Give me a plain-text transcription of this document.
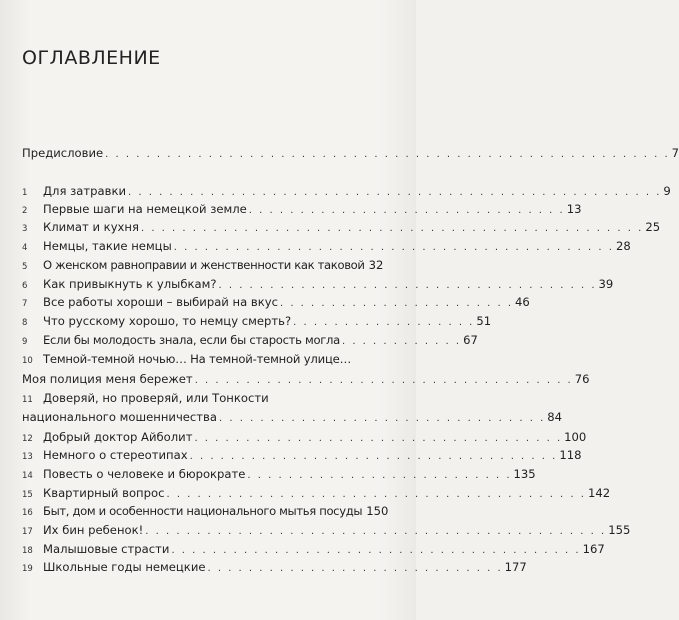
ОГЛАВЛЕНИЕ
Предисловие . . . . . . . . . . . . . . . . . . . . . . . . . . . . . . . . . . . . . . . . . . . . . . . . . . . . . . . 7
1	Для затравки . . . . . . . . . . . . . . . . . . . . . . . . . . . . . . . . . . . . . . . . . . . . . . . . . . . . 9
2	Первые шаги на немецкой земле . . . . . . . . . . . . . . . . . . . . . . . . . . . . . . . 13
3	Климат и кухня . . . . . . . . . . . . . . . . . . . . . . . . . . . . . . . . . . . . . . . . . . . . . . . . . 25
4	Немцы, такие немцы . . . . . . . . . . . . . . . . . . . . . . . . . . . . . . . . . . . . . . . . . . . 28
5	О женском равноправии и женственности как таковой 32
6	Как привыкнуть к улыбкам? . . . . . . . . . . . . . . . . . . . . . . . . . . . . . . . . . . . . . 39
7	Все работы хороши – выбирай на вкус . . . . . . . . . . . . . . . . . . . . . . . 46
8	Что русскому хорошо, то немцу смерть? . . . . . . . . . . . . . . . . . . 51
9	Если бы молодость знала, если бы старость могла . . . . . . . . . . . . 67
10 Темной-темной ночью… На темной-темной улице…
Моя полиция меня бережет . . . . . . . . . . . . . . . . . . . . . . . . . . . . . . . . . . . . . 76
11 Доверяй, но проверяй, или Тонкости
национального мошенничества . . . . . . . . . . . . . . . . . . . . . . . . . . . . . . . . 84
12 Добрый доктор Айболит . . . . . . . . . . . . . . . . . . . . . . . . . . . . . . . . . . . . 100
13 Немного о стереотипах . . . . . . . . . . . . . . . . . . . . . . . . . . . . . . . . . . . . 118
14 Повесть о человеке и бюрократе . . . . . . . . . . . . . . . . . . . . . . . . . . 135
15 Квартирный вопрос . . . . . . . . . . . . . . . . . . . . . . . . . . . . . . . . . . . . . . . . . 142
16 Быт, дом и особенности национального мытья посуды 150
17 Их бин ребенок! . . . . . . . . . . . . . . . . . . . . . . . . . . . . . . . . . . . . . . . . . . . . . 155
18 Малышовые страсти . . . . . . . . . . . . . . . . . . . . . . . . . . . . . . . . . . . . . . . . 167
19 Школьные годы немецкие . . . . . . . . . . . . . . . . . . . . . . . . . . . . . 177
